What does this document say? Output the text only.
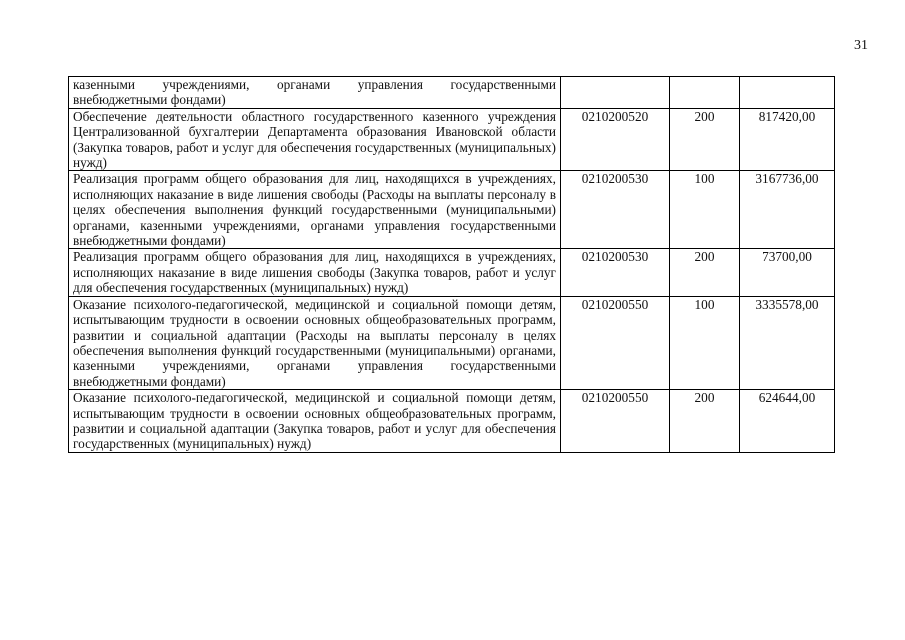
31
казенными учреждениями, органами управления государственными внебюджетными фондами)			
Обеспечение деятельности областного государственного казенного учреждения Централизованной бухгалтерии Департамента образования Ивановской области (Закупка товаров, работ и услуг для обеспечения государственных (муниципальных) нужд)	0210200520	200	817420,00
Реализация программ общего образования для лиц, находящихся в учреждениях, исполняющих наказание в виде лишения свободы (Расходы на выплаты персоналу в целях обеспечения выполнения функций государственными (муниципальными) органами, казенными учреждениями, органами управления государственными внебюджетными фондами)	0210200530	100	3167736,00
Реализация программ общего образования для лиц, находящихся в учреждениях, исполняющих наказание в виде лишения свободы (Закупка товаров, работ и услуг для обеспечения государственных (муниципальных) нужд)	0210200530	200	73700,00
Оказание психолого-педагогической, медицинской и социальной помощи детям, испытывающим трудности в освоении основных общеобразовательных программ, развитии и социальной адаптации (Расходы на выплаты персоналу в целях обеспечения выполнения функций государственными (муниципальными) органами, казенными учреждениями, органами управления государственными внебюджетными фондами)	0210200550	100	3335578,00
Оказание психолого-педагогической, медицинской и социальной помощи детям, испытывающим трудности в освоении основных общеобразовательных программ, развитии и социальной адаптации (Закупка товаров, работ и услуг для обеспечения государственных (муниципальных) нужд)	0210200550	200	624644,00
